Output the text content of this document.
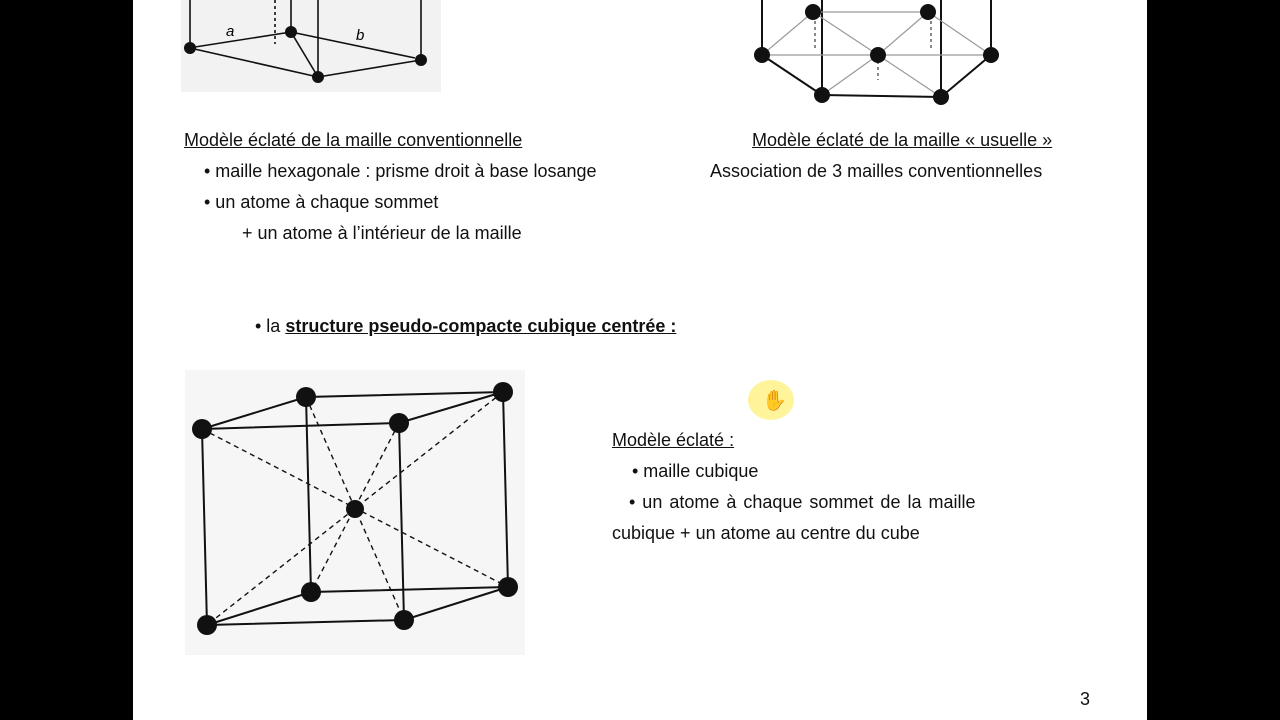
a	b
Modèle éclaté de la maille conventionnelle
• maille hexagonale : prisme droit à base losange
• un atome à chaque sommet
+ un atome à l’intérieur de la maille
Modèle éclaté de la maille « usuelle »
Association de 3 mailles conventionnelles
• la structure pseudo-compacte cubique centrée :
✋
Modèle éclaté :
• maille cubique
• un atome à chaque sommet de la maille
cubique + un atome au centre du cube
3
